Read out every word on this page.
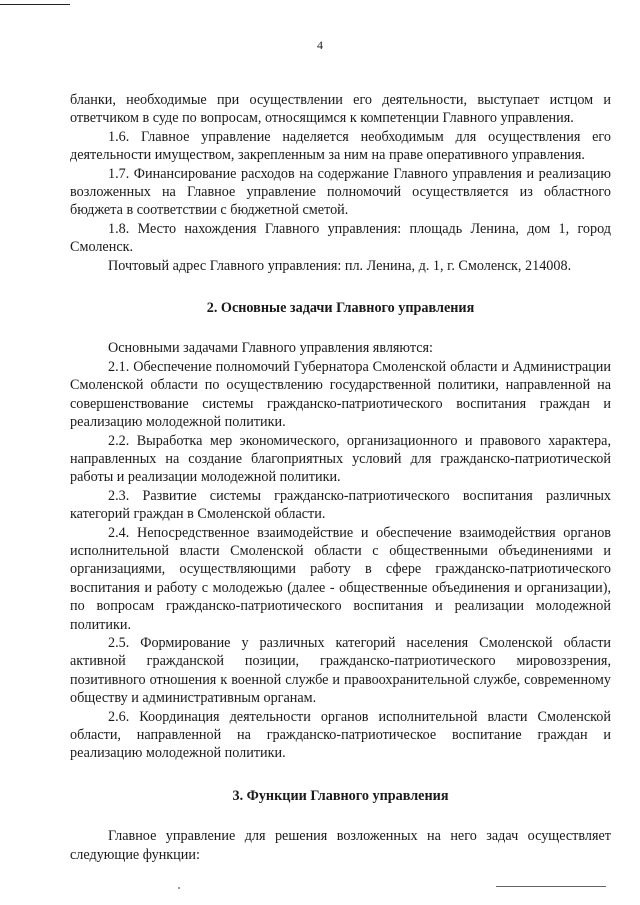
4

бланки, необходимые при осуществлении его деятельности, выступает истцом и ответчиком в суде по вопросам, относящимся к компетенции Главного управления.

1.6. Главное управление наделяется необходимым для осуществления его деятельности имуществом, закрепленным за ним на праве оперативного управления.

1.7. Финансирование расходов на содержание Главного управления и реализацию возложенных на Главное управление полномочий осуществляется из областного бюджета в соответствии с бюджетной сметой.

1.8. Место нахождения Главного управления: площадь Ленина, дом 1, город Смоленск.

Почтовый адрес Главного управления: пл. Ленина, д. 1, г. Смоленск, 214008.

2. Основные задачи Главного управления

Основными задачами Главного управления являются:

2.1. Обеспечение полномочий Губернатора Смоленской области и Администрации Смоленской области по осуществлению государственной политики, направленной на совершенствование системы гражданско-патриотического воспитания граждан и реализацию молодежной политики.

2.2. Выработка мер экономического, организационного и правового характера, направленных на создание благоприятных условий для гражданско-патриотической работы и реализации молодежной политики.

2.3. Развитие системы гражданско-патриотического воспитания различных категорий граждан в Смоленской области.

2.4. Непосредственное взаимодействие и обеспечение взаимодействия органов исполнительной власти Смоленской области с общественными объединениями и организациями, осуществляющими работу в сфере гражданско-патриотического воспитания и работу с молодежью (далее - общественные объединения и организации), по вопросам гражданско-патриотического воспитания и реализации молодежной политики.

2.5. Формирование у различных категорий населения Смоленской области активной гражданской позиции, гражданско-патриотического мировоззрения, позитивного отношения к военной службе и правоохранительной службе, современному обществу и административным органам.

2.6. Координация деятельности органов исполнительной власти Смоленской области, направленной на гражданско-патриотическое воспитание граждан и реализацию молодежной политики.

3. Функции Главного управления

Главное управление для решения возложенных на него задач осуществляет следующие функции:
